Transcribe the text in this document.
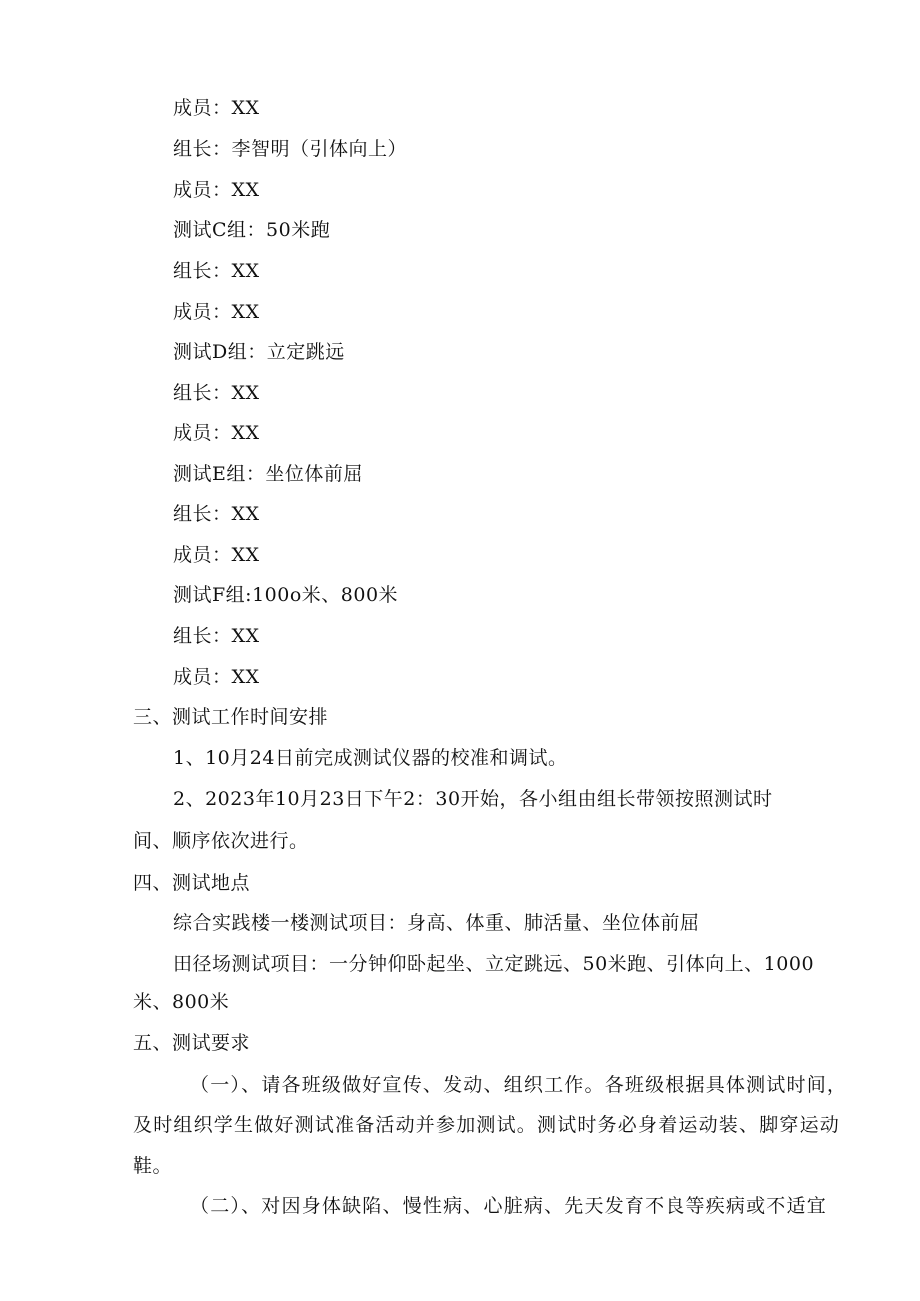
成员：XX
组长：李智明（引体向上）
成员：XX
测试C组：50米跑
组长：XX
成员：XX
测试D组：立定跳远
组长：XX
成员：XX
测试E组：坐位体前屈
组长：XX
成员：XX
测试F组:100o米、800米
组长：XX
成员：XX
三、测试工作时间安排
1、10月24日前完成测试仪器的校准和调试。
2、2023年10月23日下午2：30开始，各小组由组长带领按照测试时
间、顺序依次进行。
四、测试地点
综合实践楼一楼测试项目：身高、体重、肺活量、坐位体前屈
田径场测试项目：一分钟仰卧起坐、立定跳远、50米跑、引体向上、1000
米、800米
五、测试要求
（一）、请各班级做好宣传、发动、组织工作。各班级根据具体测试时间，
及时组织学生做好测试准备活动并参加测试。测试时务必身着运动装、脚穿运动
鞋。
（二）、对因身体缺陷、慢性病、心脏病、先天发育不良等疾病或不适宜
